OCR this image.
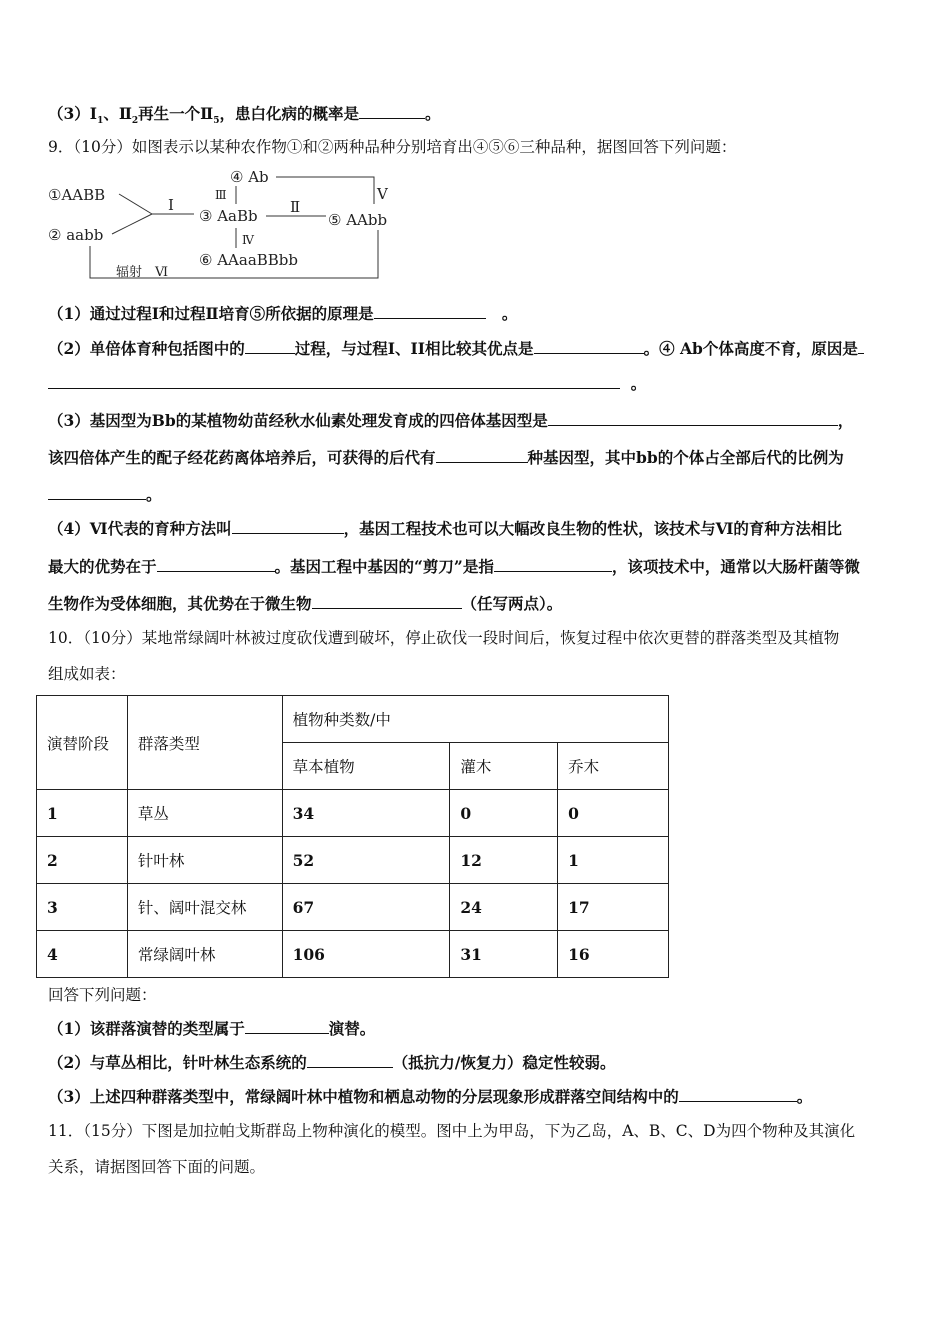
$(3)Ⅰ_1$、$Ⅱ_2$再生一个$Ⅱ_5$，患白化病的概率是	。
9．（10分）如图表示以某种农作物①和②两种品种分别培育出④⑤⑥三种品种，据图回答下列问题：
①AABB
② aabb
③ AaBb
④ Ab
⑤ AAbb
⑥ AAaaBBbb
I
Ⅲ
Ⅱ
V
Ⅳ
辐射　Ⅵ
（1）通过过程Ⅰ和过程Ⅱ培育⑤所依据的原理是	。
（2）单倍体育种包括图中的	过程，与过程I、II相比较其优点是	。④ Ab个体高度不育，原因是
。
（3）基因型为Bb的某植物幼苗经秋水仙素处理发育成的四倍体基因型是	，
该四倍体产生的配子经花药离体培养后，可获得的后代有	种基因型，其中bb的个体占全部后代的比例为
。
（4）Ⅵ代表的育种方法叫	，基因工程技术也可以大幅改良生物的性状，该技术与Ⅵ的育种方法相比
最大的优势在于	。基因工程中基因的“剪刀”是指	，该项技术中，通常以大肠杆菌等微
生物作为受体细胞，其优势在于微生物	（任写两点）。
10．（10分）某地常绿阔叶林被过度砍伐遭到破坏，停止砍伐一段时间后，恢复过程中依次更替的群落类型及其植物
组成如表：
演替阶段	群落类型	植物种类数/中		
		草本植物	灌木	乔木
1	草丛	34	0	0
2	针叶林	52	12	1
3	针、阔叶混交林	67	24	17
4	常绿阔叶林	106	31	16
回答下列问题：
（1）该群落演替的类型属于	演替。
（2）与草丛相比，针叶林生态系统的	（抵抗力/恢复力）稳定性较弱。
（3）上述四种群落类型中，常绿阔叶林中植物和栖息动物的分层现象形成群落空间结构中的	。
11．（15分）下图是加拉帕戈斯群岛上物种演化的模型。图中上为甲岛，下为乙岛，A、B、C、D为四个物种及其演化
关系，请据图回答下面的问题。
